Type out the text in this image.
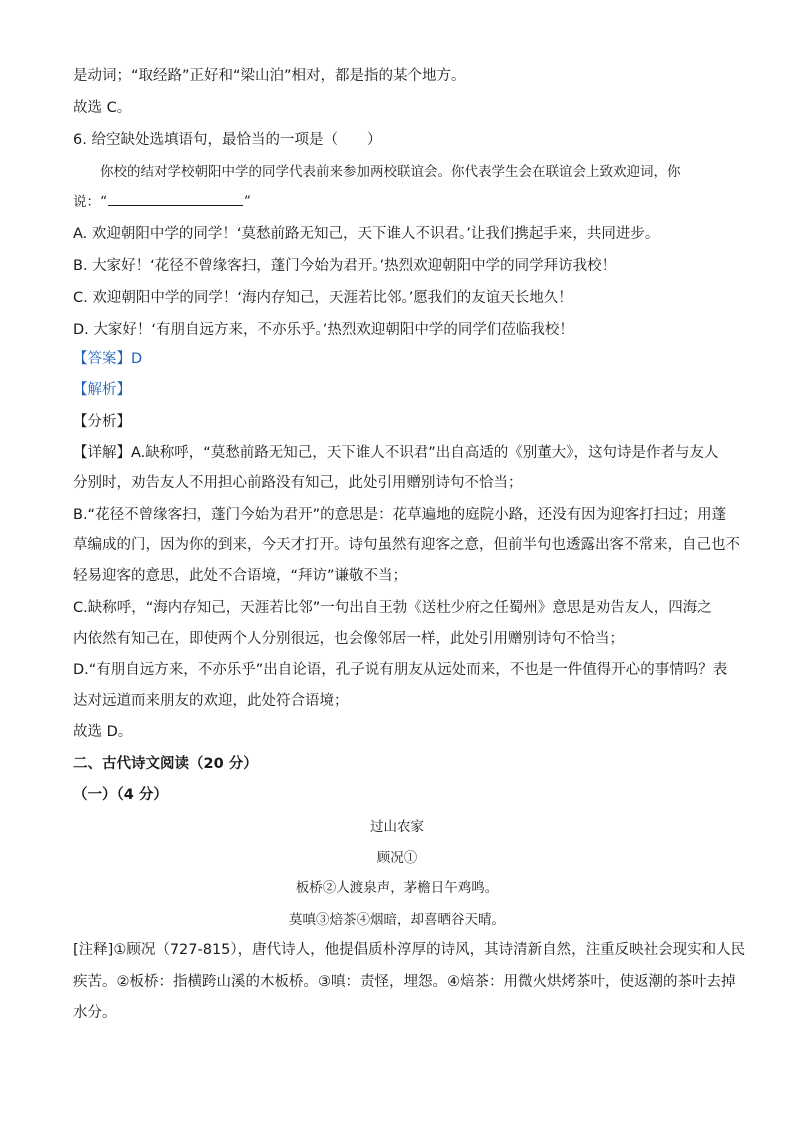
是动词；“取经路”正好和“梁山泊”相对，都是指的某个地方。
故选 C。
6. 给空缺处选填语句，最恰当的一项是（　　）
你校的结对学校朝阳中学的同学代表前来参加两校联谊会。你代表学生会在联谊会上致欢迎词，你
说：“	”
A. 欢迎朝阳中学的同学！‘莫愁前路无知己，天下谁人不识君。’让我们携起手来，共同进步。
B. 大家好！‘花径不曾缘客扫，蓬门今始为君开。’热烈欢迎朝阳中学的同学拜访我校！
C. 欢迎朝阳中学的同学！‘海内存知己，天涯若比邻。’愿我们的友谊天长地久！
D. 大家好！‘有朋自远方来，不亦乐乎。’热烈欢迎朝阳中学的同学们莅临我校！
【答案】D
【解析】
【分析】
【详解】A.缺称呼，“莫愁前路无知己，天下谁人不识君”出自高适的《别董大》，这句诗是作者与友人
分别时，劝告友人不用担心前路没有知己，此处引用赠别诗句不恰当；
B.“花径不曾缘客扫，蓬门今始为君开”的意思是：花草遍地的庭院小路，还没有因为迎客打扫过；用蓬
草编成的门，因为你的到来，今天才打开。诗句虽然有迎客之意，但前半句也透露出客不常来，自己也不
轻易迎客的意思，此处不合语境，“拜访”谦敬不当；
C.缺称呼，“海内存知己，天涯若比邻”一句出自王勃《送杜少府之任蜀州》意思是劝告友人，四海之
内依然有知己在，即使两个人分别很远，也会像邻居一样，此处引用赠别诗句不恰当；
D.“有朋自远方来，不亦乐乎”出自论语，孔子说有朋友从远处而来，不也是一件值得开心的事情吗？表
达对远道而来朋友的欢迎，此处符合语境；
故选 D。
二、古代诗文阅读（20 分）
（一）（4 分）
过山农家
顾况①
板桥②人渡泉声，茅檐日午鸡鸣。
莫嗔③焙茶④烟暗，却喜晒谷天晴。
[注释]①顾况（727-815），唐代诗人，他提倡质朴淳厚的诗风，其诗清新自然，注重反映社会现实和人民
疾苦。②板桥：指横跨山溪的木板桥。③嗔：责怪，埋怨。④焙茶：用微火烘烤茶叶，使返潮的茶叶去掉
水分。
